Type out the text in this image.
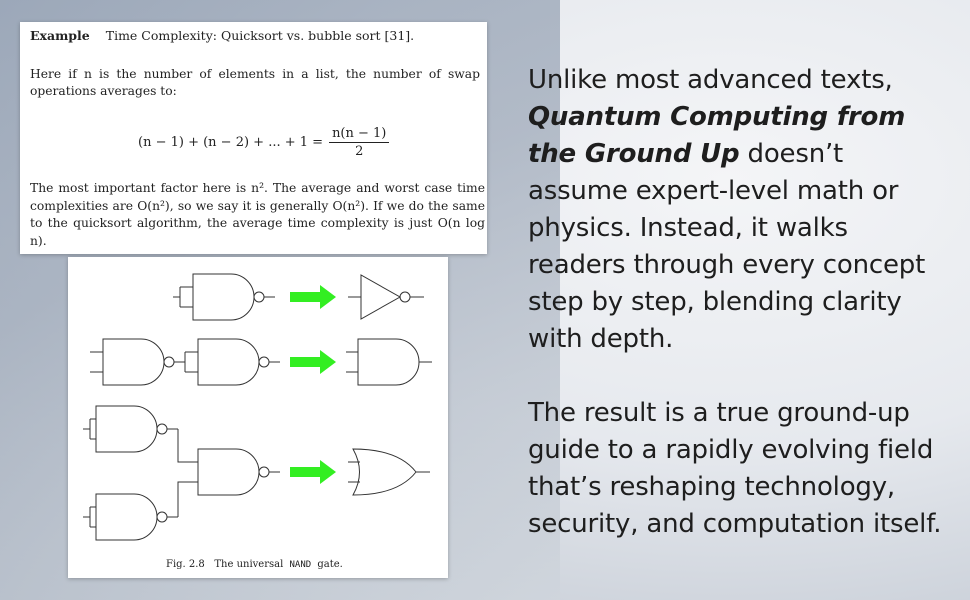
Example Time Complexity: Quicksort vs. bubble sort [31].
Here if n is the number of elements in a list, the number of swap operations averages to:
(n − 1) + (n − 2) + ... + $1 = \frac{n(n - 1)}{2}$
The most important factor here is n². The average and worst case time complexities are O(n²), so we say it is generally O(n²). If we do the same to the quicksort algorithm, the average time complexity is just O(n log n).
Fig. 2.8 The universal NAND gate.

Unlike most advanced texts, Quantum Computing from the Ground Up doesn’t assume expert-level math or physics. Instead, it walks readers through every concept step by step, blending clarity with depth.

The result is a true ground-up guide to a rapidly evolving field that’s reshaping technology, security, and computation itself.
